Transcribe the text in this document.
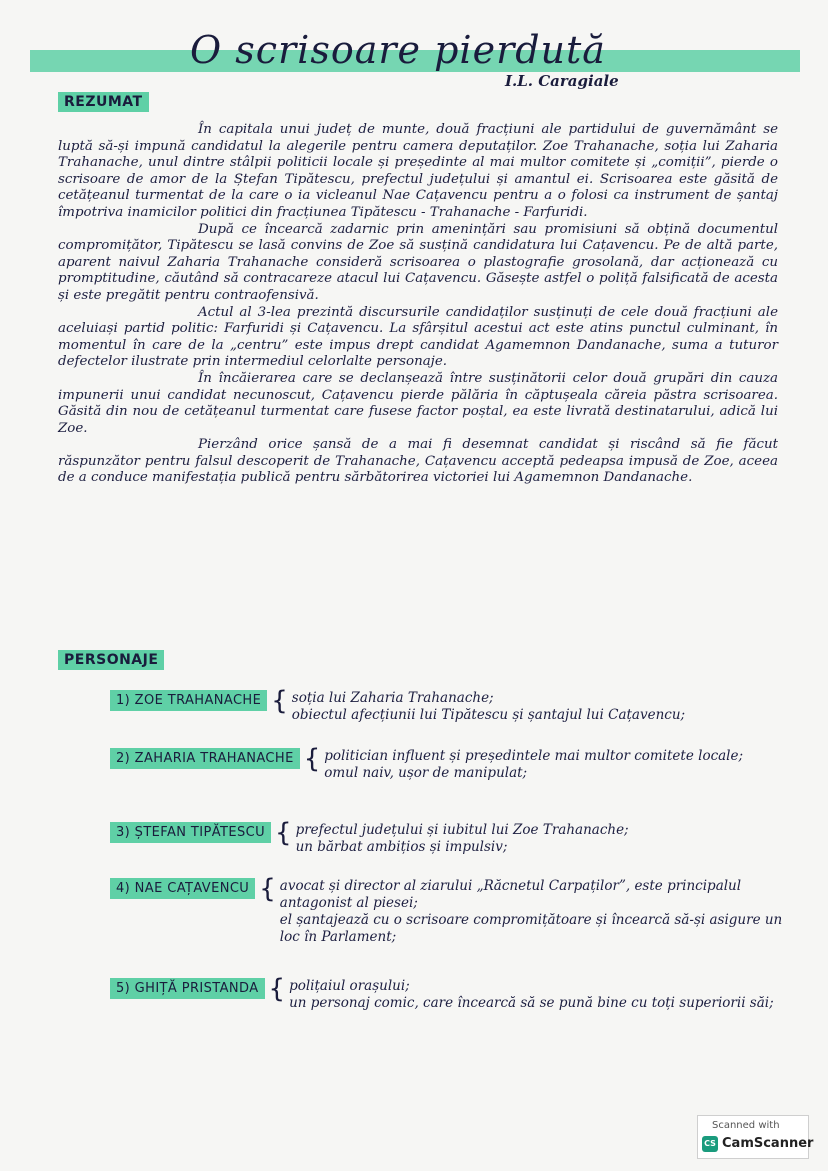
O scrisoare pierdută
I.L. Caragiale
REZUMAT

În capitala unui județ de munte, două fracțiuni ale partidului de guvernământ se luptă să-și impună candidatul la alegerile pentru camera deputaților. Zoe Trahanache, soția lui Zaharia Trahanache, unul dintre stâlpii politicii locale și președinte al mai multor comitete și „comiții”, pierde o scrisoare de amor de la Ștefan Tipătescu, prefectul județului și amantul ei. Scrisoarea este găsită de cetățeanul turmentat de la care o ia vicleanul Nae Cațavencu pentru a o folosi ca instrument de șantaj împotriva inamicilor politici din fracțiunea Tipătescu - Trahanache - Farfuridi.

După ce încearcă zadarnic prin amenințări sau promisiuni să obțină documentul compromițător, Tipătescu se lasă convins de Zoe să susțină candidatura lui Cațavencu. Pe de altă parte, aparent naivul Zaharia Trahanache consideră scrisoarea o plastografie grosolană, dar acționează cu promptitudine, căutând să contracareze atacul lui Cațavencu. Găsește astfel o poliță falsificată de acesta și este pregătit pentru contraofensivă.

Actul al 3-lea prezintă discursurile candidaților susținuți de cele două fracțiuni ale aceluiași partid politic: Farfuridi și Cațavencu. La sfârșitul acestui act este atins punctul culminant, în momentul în care de la „centru” este impus drept candidat Agamemnon Dandanache, suma a tuturor defectelor ilustrate prin intermediul celorlalte personaje.

În încăierarea care se declanșează între susținătorii celor două grupări din cauza impunerii unui candidat necunoscut, Cațavencu pierde pălăria în căptușeala căreia păstra scrisoarea. Găsită din nou de cetățeanul turmentat care fusese factor poștal, ea este livrată destinatarului, adică lui Zoe.

Pierzând orice șansă de a mai fi desemnat candidat și riscând să fie făcut răspunzător pentru falsul descoperit de Trahanache, Cațavencu acceptă pedeapsa impusă de Zoe, aceea de a conduce manifestația publică pentru sărbătorirea victoriei lui Agamemnon Dandanache.

PERSONAJE
1) ZOE TRAHANACHE { soția lui Zaharia Trahanache;
obiectul afecțiunii lui Tipătescu și șantajul lui Cațavencu;
2) ZAHARIA TRAHANACHE { politician influent și președintele mai multor comitete locale;
omul naiv, ușor de manipulat;
3) ȘTEFAN TIPĂTESCU { prefectul județului și iubitul lui Zoe Trahanache;
un bărbat ambițios și impulsiv;
4) NAE CAȚAVENCU { avocat și director al ziarului „Răcnetul Carpaților”, este principalul antagonist al piesei;
el șantajează cu o scrisoare compromițătoare și încearcă să-și asigure un loc în Parlament;
5) GHIȚĂ PRISTANDA { polițaiul orașului;
un personaj comic, care încearcă să se pună bine cu toți superiorii săi;
Scanned with
CS CamScanner
